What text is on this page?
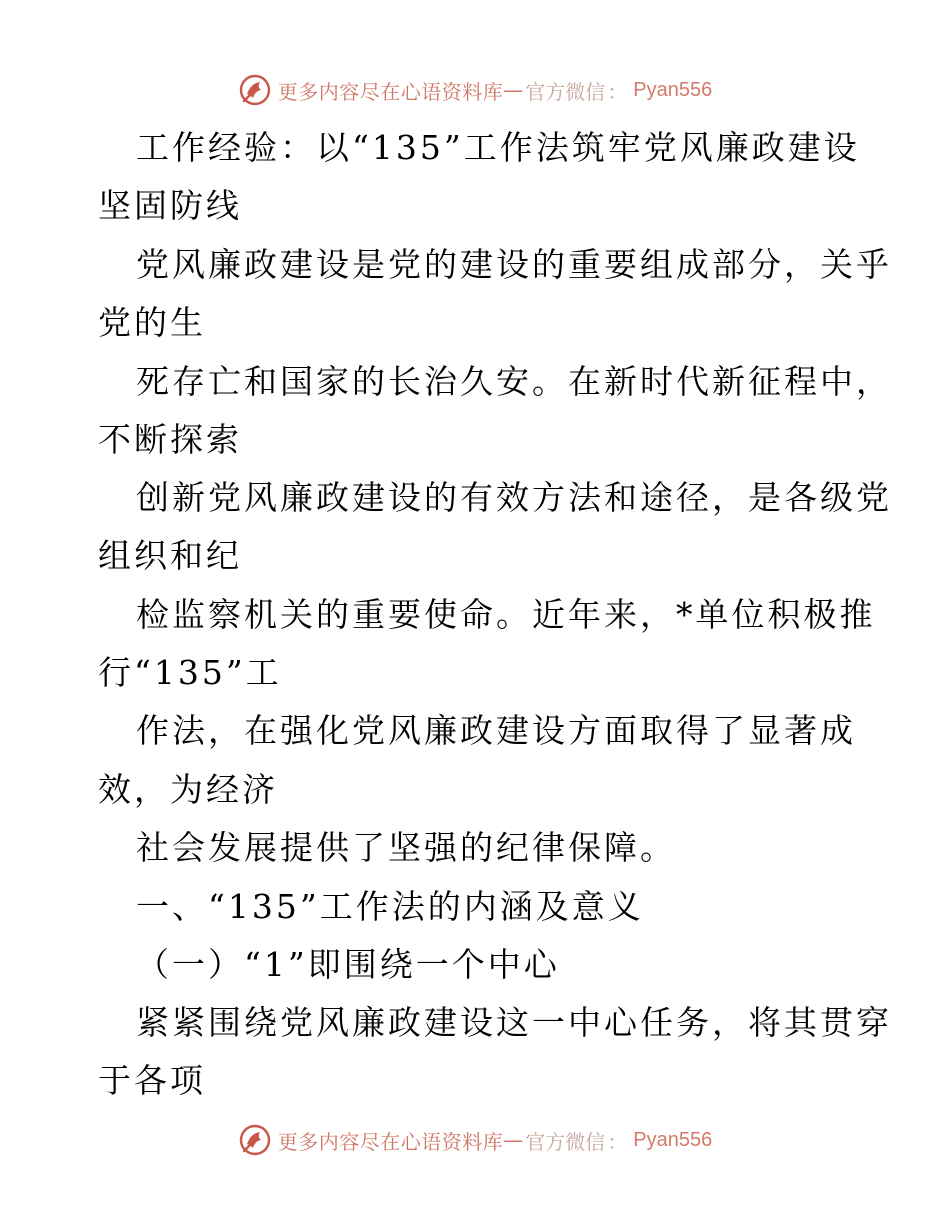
更多内容尽在心语资料库 — 官方微信 ： Pyan556
工作经验：以“135”工作法筑牢党风廉政建设
坚固防线
党风廉政建设是党的建设的重要组成部分，关乎
党的生
死存亡和国家的长治久安。在新时代新征程中，
不断探索
创新党风廉政建设的有效方法和途径，是各级党
组织和纪
检监察机关的重要使命。近年来，*单位积极推
行“135”工
作法，在强化党风廉政建设方面取得了显著成
效，为经济
社会发展提供了坚强的纪律保障。
一、“135”工作法的内涵及意义
（一）“1”即围绕一个中心
紧紧围绕党风廉政建设这一中心任务，将其贯穿
于各项
更多内容尽在心语资料库 — 官方微信 ： Pyan556
